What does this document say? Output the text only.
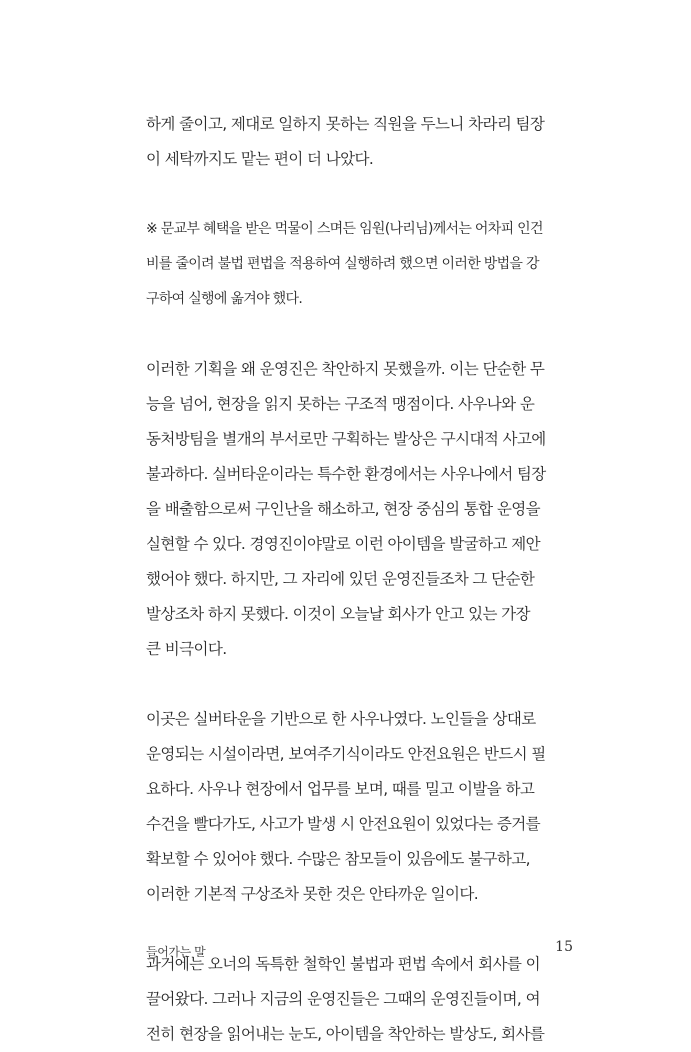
하게 줄이고, 제대로 일하지 못하는 직원을 두느니 차라리 팀장
이 세탁까지도 맡는 편이 더 나았다.

※ 문교부 혜택을 받은 먹물이 스며든 임원(나리님)께서는 어차피 인건
비를 줄이려 불법 편법을 적용하여 실행하려 했으면 이러한 방법을 강
구하여 실행에 옮겨야 했다.

이러한 기획을 왜 운영진은 착안하지 못했을까. 이는 단순한 무
능을 넘어, 현장을 읽지 못하는 구조적 맹점이다. 사우나와 운
동처방팀을 별개의 부서로만 구획하는 발상은 구시대적 사고에
불과하다. 실버타운이라는 특수한 환경에서는 사우나에서 팀장
을 배출함으로써 구인난을 해소하고, 현장 중심의 통합 운영을
실현할 수 있다. 경영진이야말로 이런 아이템을 발굴하고 제안
했어야 했다. 하지만, 그 자리에 있던 운영진들조차 그 단순한
발상조차 하지 못했다. 이것이 오늘날 회사가 안고 있는 가장
큰 비극이다.

이곳은 실버타운을 기반으로 한 사우나였다. 노인들을 상대로
운영되는 시설이라면, 보여주기식이라도 안전요원은 반드시 필
요하다. 사우나 현장에서 업무를 보며, 때를 밀고 이발을 하고
수건을 빨다가도, 사고가 발생 시 안전요원이 있었다는 증거를
확보할 수 있어야 했다. 수많은 참모들이 있음에도 불구하고,
이러한 기본적 구상조차 못한 것은 안타까운 일이다.

과거에는 오너의 독특한 철학인 불법과 편법 속에서 회사를 이
끌어왔다. 그러나 지금의 운영진들은 그때의 운영진들이며, 여
전히 현장을 읽어내는 눈도, 아이템을 착안하는 발상도, 회사를

들어가는 말	15
